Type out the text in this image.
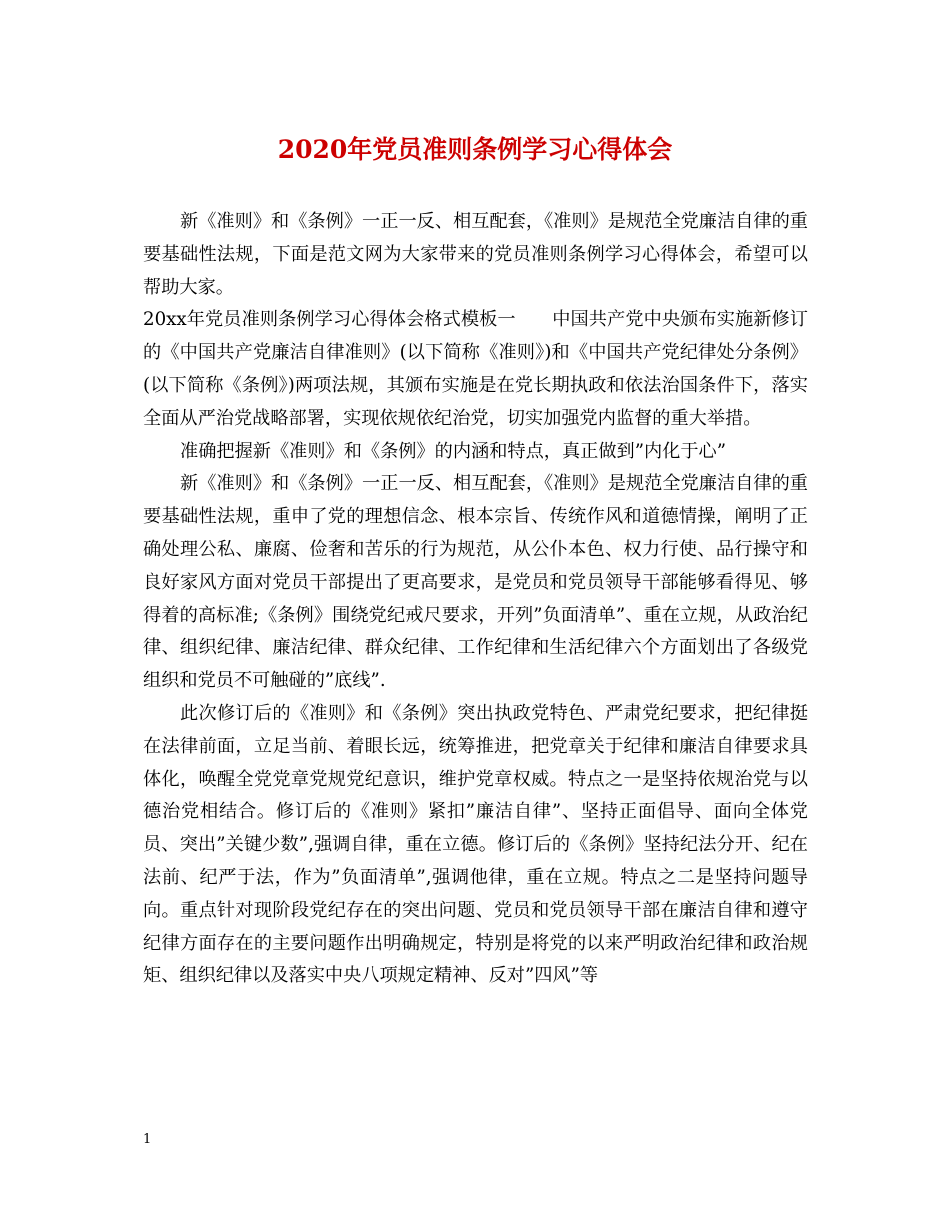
2020年党员准则条例学习心得体会

新《准则》和《条例》一正一反、相互配套，《准则》是规范全党廉洁自律的重要基础性法规，下面是范文网为大家带来的党员准则条例学习心得体会，希望可以帮助大家。

20xx年党员准则条例学习心得体会格式模板一　　中国共产党中央颁布实施新修订的《中国共产党廉洁自律准则》(以下简称《准则》)和《中国共产党纪律处分条例》(以下简称《条例》)两项法规，其颁布实施是在党长期执政和依法治国条件下，落实全面从严治党战略部署，实现依规依纪治党，切实加强党内监督的重大举措。

准确把握新《准则》和《条例》的内涵和特点，真正做到”内化于心”

新《准则》和《条例》一正一反、相互配套，《准则》是规范全党廉洁自律的重要基础性法规，重申了党的理想信念、根本宗旨、传统作风和道德情操，阐明了正确处理公私、廉腐、俭奢和苦乐的行为规范，从公仆本色、权力行使、品行操守和良好家风方面对党员干部提出了更高要求，是党员和党员领导干部能够看得见、够得着的高标准;《条例》围绕党纪戒尺要求，开列”负面清单”、重在立规，从政治纪律、组织纪律、廉洁纪律、群众纪律、工作纪律和生活纪律六个方面划出了各级党组织和党员不可触碰的”底线”.

此次修订后的《准则》和《条例》突出执政党特色、严肃党纪要求，把纪律挺在法律前面，立足当前、着眼长远，统筹推进，把党章关于纪律和廉洁自律要求具体化，唤醒全党党章党规党纪意识，维护党章权威。特点之一是坚持依规治党与以德治党相结合。修订后的《准则》紧扣”廉洁自律”、坚持正面倡导、面向全体党员、突出”关键少数”,强调自律，重在立德。修订后的《条例》坚持纪法分开、纪在法前、纪严于法，作为”负面清单”,强调他律，重在立规。特点之二是坚持问题导向。重点针对现阶段党纪存在的突出问题、党员和党员领导干部在廉洁自律和遵守纪律方面存在的主要问题作出明确规定，特别是将党的以来严明政治纪律和政治规矩、组织纪律以及落实中央八项规定精神、反对”四风”等

1
